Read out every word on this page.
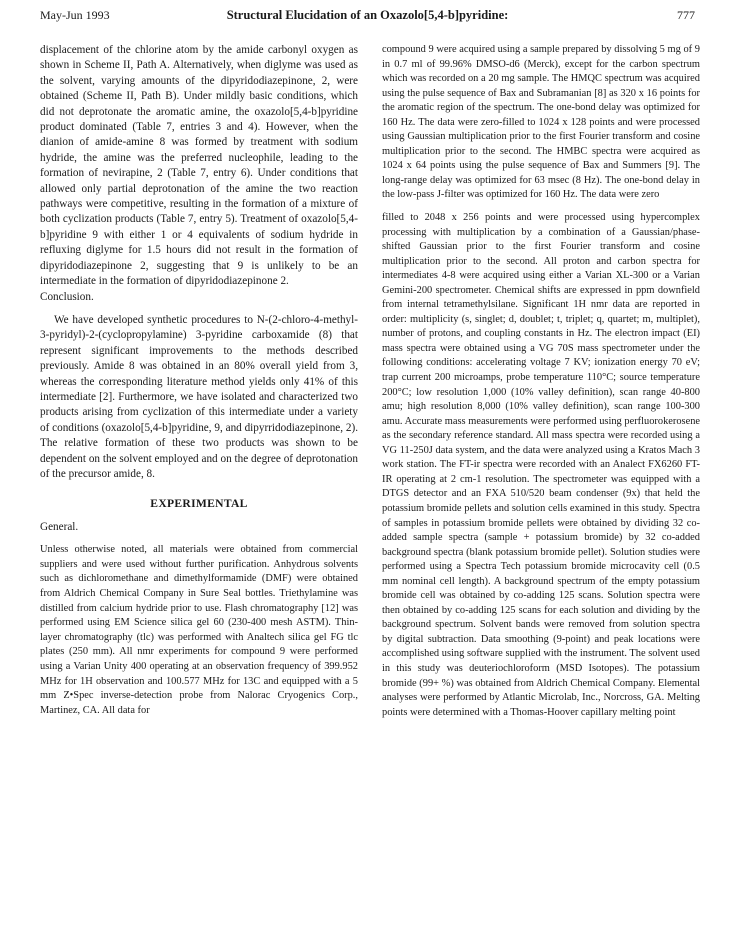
May-Jun 1993	Structural Elucidation of an Oxazolo[5,4-b]pyridine:	777

displacement of the chlorine atom by the amide carbonyl oxygen as shown in Scheme II, Path A. Alternatively, when diglyme was used as the solvent, varying amounts of the dipyridodiazepinone, 2, were obtained (Scheme II, Path B). Under mildly basic conditions, which did not deprotonate the aromatic amine, the oxazolo[5,4-b]pyridine product dominated (Table 7, entries 3 and 4). However, when the dianion of amide-amine 8 was formed by treatment with sodium hydride, the amine was the preferred nucleophile, leading to the formation of nevirapine, 2 (Table 7, entry 6). Under conditions that allowed only partial deprotonation of the amine the two reaction pathways were competitive, resulting in the formation of a mixture of both cyclization products (Table 7, entry 5). Treatment of oxazolo[5,4-b]pyridine 9 with either 1 or 4 equivalents of sodium hydride in refluxing diglyme for 1.5 hours did not result in the formation of dipyridodiazepinone 2, suggesting that 9 is unlikely to be an intermediate in the formation of dipyridodiazepinone 2.

Conclusion.

We have developed synthetic procedures to N-(2-chloro-4-methyl-3-pyridyl)-2-(cyclopropylamine) 3-pyridine carboxamide (8) that represent significant improvements to the methods described previously. Amide 8 was obtained in an 80% overall yield from 3, whereas the corresponding literature method yields only 41% of this intermediate [2]. Furthermore, we have isolated and characterized two products arising from cyclization of this intermediate under a variety of conditions (oxazolo[5,4-b]pyridine, 9, and dipyrridodiazepinone, 2). The relative formation of these two products was shown to be dependent on the solvent employed and on the degree of deprotonation of the precursor amide, 8.

EXPERIMENTAL

General.

Unless otherwise noted, all materials were obtained from commercial suppliers and were used without further purification. Anhydrous solvents such as dichloromethane and dimethylformamide (DMF) were obtained from Aldrich Chemical Company in Sure Seal bottles. Triethylamine was distilled from calcium hydride prior to use. Flash chromatography [12] was performed using EM Science silica gel 60 (230-400 mesh ASTM). Thin-layer chromatography (tlc) was performed with Analtech silica gel FG tlc plates (250 mm). All nmr experiments for compound 9 were performed using a Varian Unity 400 operating at an observation frequency of 399.952 MHz for 1H observation and 100.577 MHz for 13C and equipped with a 5 mm Z•Spec inverse-detection probe from Nalorac Cryogenics Corp., Martinez, CA. All data for

compound 9 were acquired using a sample prepared by dissolving 5 mg of 9 in 0.7 ml of 99.96% DMSO-d6 (Merck), except for the carbon spectrum which was recorded on a 20 mg sample. The HMQC spectrum was acquired using the pulse sequence of Bax and Subramanian [8] as 320 x 16 points for the aromatic region of the spectrum. The one-bond delay was optimized for 160 Hz. The data were zero-filled to 1024 x 128 points and were processed using Gaussian multiplication prior to the first Fourier transform and cosine multiplication prior to the second. The HMBC spectra were acquired as 1024 x 64 points using the pulse sequence of Bax and Summers [9]. The long-range delay was optimized for 63 msec (8 Hz). The one-bond delay in the low-pass J-filter was optimized for 160 Hz. The data were zero

filled to 2048 x 256 points and were processed using hypercomplex processing with multiplication by a combination of a Gaussian/phase-shifted Gaussian prior to the first Fourier transform and cosine multiplication prior to the second. All proton and carbon spectra for intermediates 4-8 were acquired using either a Varian XL-300 or a Varian Gemini-200 spectrometer. Chemical shifts are expressed in ppm downfield from internal tetramethylsilane. Significant 1H nmr data are reported in order: multiplicity (s, singlet; d, doublet; t, triplet; q, quartet; m, multiplet), number of protons, and coupling constants in Hz. The electron impact (EI) mass spectra were obtained using a VG 70S mass spectrometer under the following conditions: accelerating voltage 7 KV; ionization energy 70 eV; trap current 200 microamps, probe temperature 110°C; source temperature 200°C; low resolution 1,000 (10% valley definition), scan range 40-800 amu; high resolution 8,000 (10% valley definition), scan range 100-300 amu. Accurate mass measurements were performed using perfluorokerosene as the secondary reference standard. All mass spectra were recorded using a VG 11-250J data system, and the data were analyzed using a Kratos Mach 3 work station. The FT-ir spectra were recorded with an Analect FX6260 FT-IR operating at 2 cm-1 resolution. The spectrometer was equipped with a DTGS detector and an FXA 510/520 beam condenser (9x) that held the potassium bromide pellets and solution cells examined in this study. Spectra of samples in potassium bromide pellets were obtained by dividing 32 co-added sample spectra (sample + potassium bromide) by 32 co-added background spectra (blank potassium bromide pellet). Solution studies were performed using a Spectra Tech potassium bromide microcavity cell (0.5 mm nominal cell length). A background spectrum of the empty potassium bromide cell was obtained by co-adding 125 scans. Solution spectra were then obtained by co-adding 125 scans for each solution and dividing by the background spectrum. Solvent bands were removed from solution spectra by digital subtraction. Data smoothing (9-point) and peak locations were accomplished using software supplied with the instrument. The solvent used in this study was deuteriochloroform (MSD Isotopes). The potassium bromide (99+ %) was obtained from Aldrich Chemical Company. Elemental analyses were performed by Atlantic Microlab, Inc., Norcross, GA. Melting points were determined with a Thomas-Hoover capillary melting point
